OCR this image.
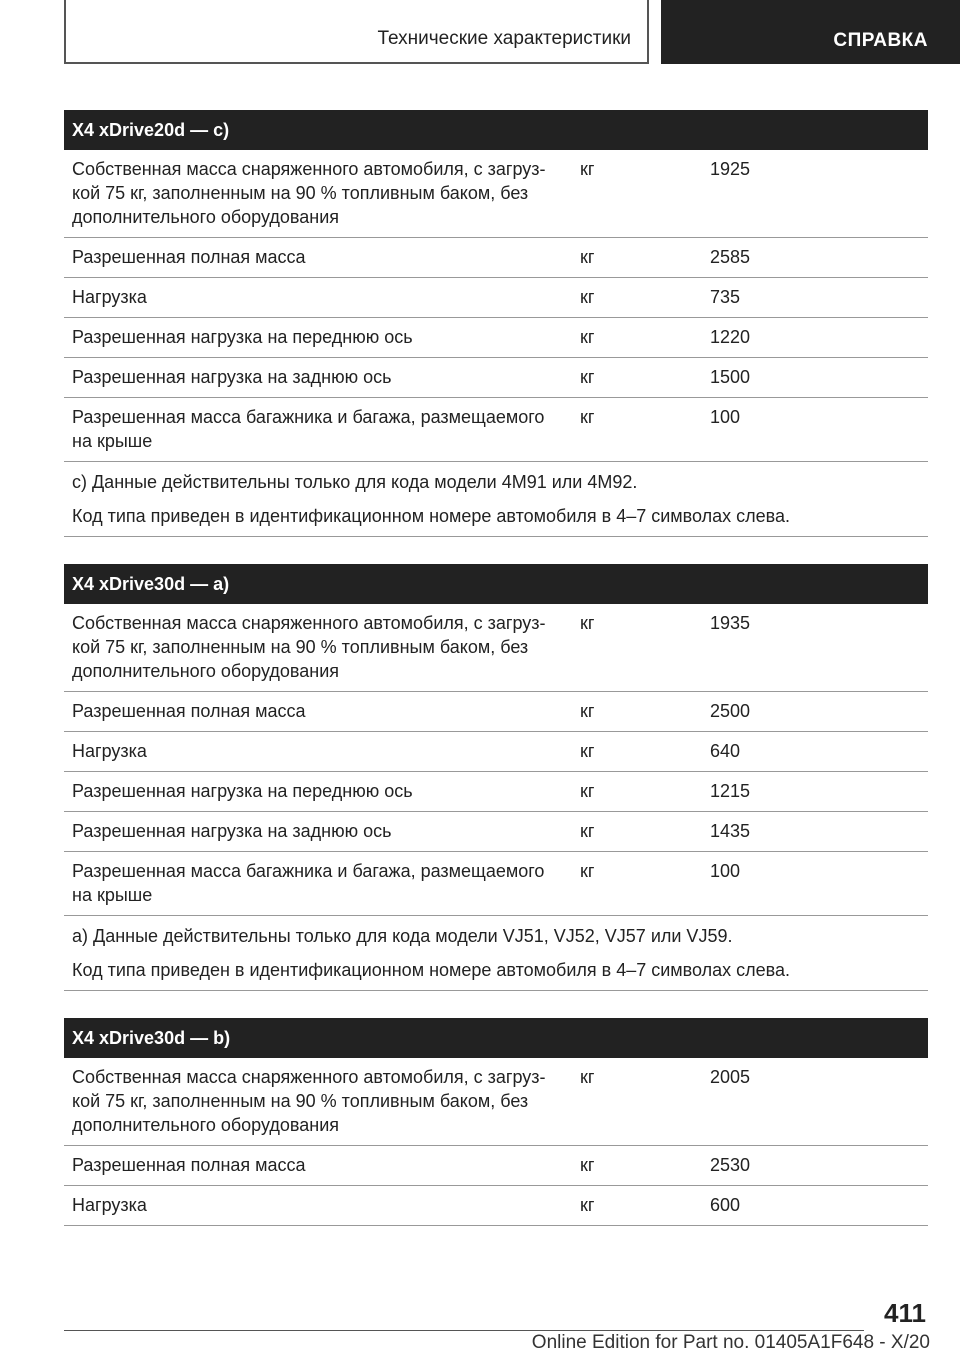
Технические характеристики	СПРАВКА
X4 xDrive20d — c)
Собственная масса снаряженного автомобиля, с загруз-
кой 75 кг, заполненным на 90 % топливным баком, без
дополнительного оборудования
кг	1925
Разрешенная полная масса	кг	2585
Нагрузка	кг	735
Разрешенная нагрузка на переднюю ось	кг	1220
Разрешенная нагрузка на заднюю ось	кг	1500
Разрешенная масса багажника и багажа, размещаемого
на крыше
кг	100
c) Данные действительны только для кода модели 4M91 или 4M92.
Код типа приведен в идентификационном номере автомобиля в 4–7 символах слева.
X4 xDrive30d — a)
Собственная масса снаряженного автомобиля, с загруз-
кой 75 кг, заполненным на 90 % топливным баком, без
дополнительного оборудования
кг	1935
Разрешенная полная масса	кг	2500
Нагрузка	кг	640
Разрешенная нагрузка на переднюю ось	кг	1215
Разрешенная нагрузка на заднюю ось	кг	1435
Разрешенная масса багажника и багажа, размещаемого
на крыше
кг	100
a) Данные действительны только для кода модели VJ51, VJ52, VJ57 или VJ59.
Код типа приведен в идентификационном номере автомобиля в 4–7 символах слева.
X4 xDrive30d — b)
Собственная масса снаряженного автомобиля, с загруз-
кой 75 кг, заполненным на 90 % топливным баком, без
дополнительного оборудования
кг	2005
Разрешенная полная масса	кг	2530
Нагрузка	кг	600
411
Online Edition for Part no. 01405A1F648 - X/20
